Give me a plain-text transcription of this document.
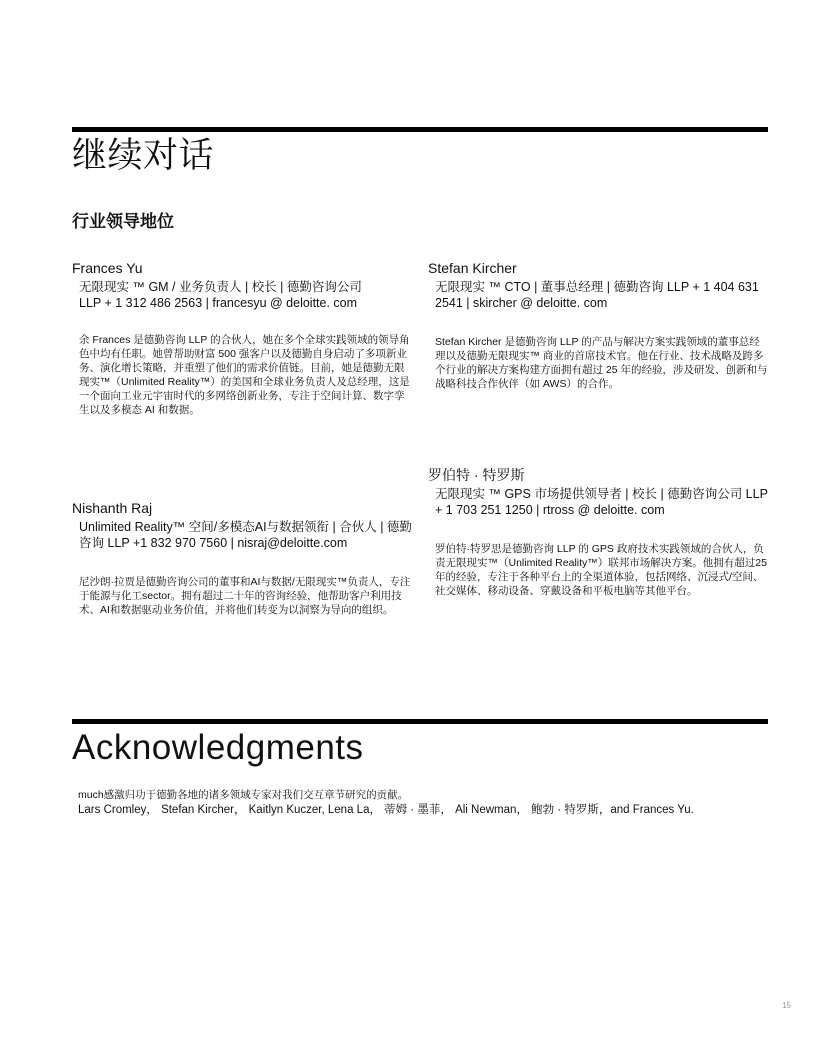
继续对话
行业领导地位

Frances Yu

无限现实 ™ GM / 业务负责人 | 校长 | 德勤咨询公司 LLP + 1 312 486 2563 | francesyu @ deloitte. com

余 Frances 是德勤咨询 LLP 的合伙人，她在多个全球实践领域的领导角色中均有任职。她曾帮助财富 500 强客户以及德勤自身启动了多项新业务、演化增长策略，并重塑了他们的需求价值链。目前，她是德勤无限现实™（Unlimited Reality™）的美国和全球业务负责人及总经理，这是一个面向工业元宇宙时代的多网络创新业务，专注于空间计算、数字孪生以及多模态 AI 和数据。

Stefan Kircher

无限现实 ™ CTO | 董事总经理 | 德勤咨询 LLP + 1 404 631 2541 | skircher @ deloitte. com

Stefan Kircher 是德勤咨询 LLP 的产品与解决方案实践领域的董事总经理以及德勤无限现实™ 商业的首席技术官。他在行业、技术战略及跨多个行业的解决方案构建方面拥有超过 25 年的经验，涉及研发、创新和与战略科技合作伙伴（如 AWS）的合作。

Nishanth Raj

Unlimited Reality™ 空间/多模态AI与数据领衔 | 合伙人 | 德勤咨询 LLP +1 832 970 7560 | nisraj@deloitte.com

尼沙朗·拉贾是德勤咨询公司的董事和AI与数据/无限现实™负责人，专注于能源与化工sector。拥有超过二十年的咨询经验，他帮助客户利用技术、AI和数据驱动业务价值，并将他们转变为以洞察为导向的组织。

罗伯特 · 特罗斯

无限现实 ™ GPS 市场提供领导者 | 校长 | 德勤咨询公司 LLP + 1 703 251 1250 | rtross @ deloitte. com

罗伯特·特罗思是德勤咨询 LLP 的 GPS 政府技术实践领域的合伙人，负责无限现实™（Unlimited Reality™）联邦市场解决方案。他拥有超过25年的经验，专注于各种平台上的全渠道体验，包括网络、沉浸式/空间、社交媒体、移动设备、穿戴设备和平板电脑等其他平台。

Acknowledgments
much感激归功于德勤各地的诸多领域专家对我们交互章节研究的贡献。
Lars Cromley， Stefan Kircher， Kaitlyn Kuczer, Lena La， 蒂姆 · 墨菲， Ali Newman， 鲍勃 · 特罗斯，and Frances Yu.
15
